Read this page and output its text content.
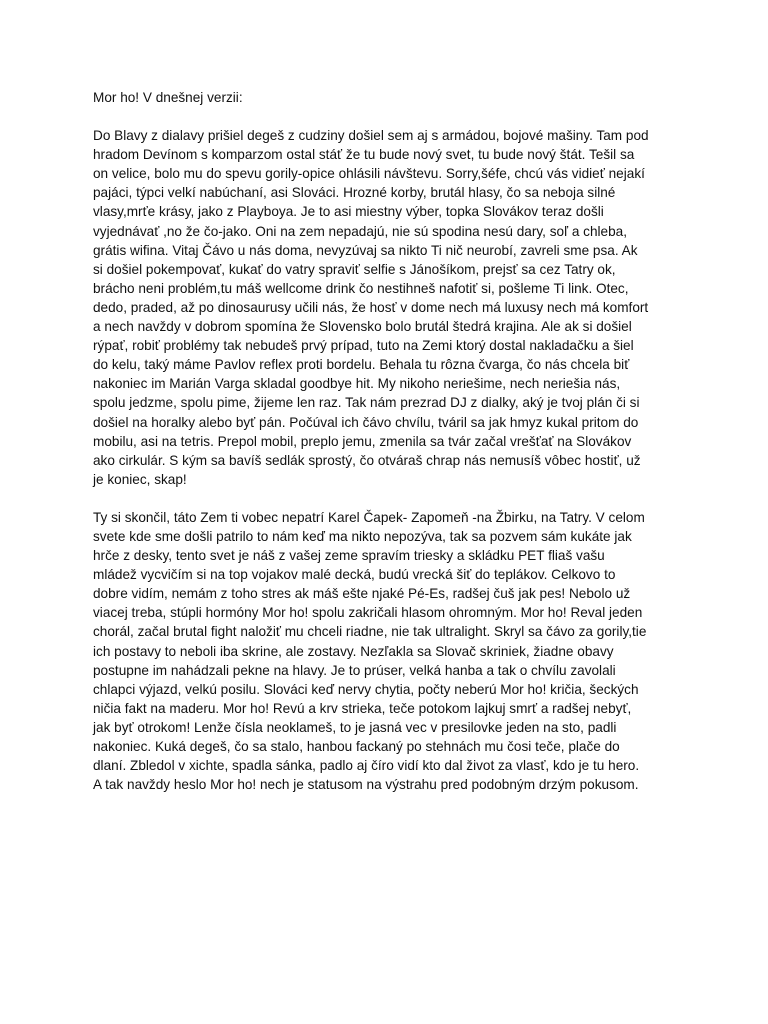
Mor ho! V dnešnej verzii:

Do Blavy z dialavy prišiel degeš z cudziny došiel sem aj s armádou, bojové mašiny. Tam pod
hradom Devínom s komparzom ostal stáť že tu bude nový svet, tu bude nový štát. Tešil sa
on velice, bolo mu do spevu gorily-opice ohlásili návštevu. Sorry,šéfe, chcú vás vidieť nejakí
pajáci, týpci velkí nabúchaní, asi Slováci. Hrozné korby, brutál hlasy, čo sa neboja silné
vlasy,mrťe krásy, jako z Playboya. Je to asi miestny výber, topka Slovákov teraz došli
vyjednávať ,no že čo-jako. Oni na zem nepadajú, nie sú spodina nesú dary, soľ a chleba,
grátis wifina. Vitaj Čávo u nás doma, nevyzúvaj sa nikto Ti nič neurobí, zavreli sme psa. Ak
si došiel pokempovať, kukať do vatry spraviť selfie s Jánošíkom, prejsť sa cez Tatry ok,
brácho neni problém,tu máš wellcome drink čo nestihneš nafotiť si, pošleme Ti link. Otec,
dedo, praded, až po dinosaurusy učili nás, že hosť v dome nech má luxusy nech má komfort
a nech navždy v dobrom spomína že Slovensko bolo brutál štedrá krajina. Ale ak si došiel
rýpať, robiť problémy tak nebudeš prvý prípad, tuto na Zemi ktorý dostal nakladačku a šiel
do kelu, taký máme Pavlov reflex proti bordelu. Behala tu rôzna čvarga, čo nás chcela biť
nakoniec im Marián Varga skladal goodbye hit. My nikoho neriešime, nech neriešia nás,
spolu jedzme, spolu pime, žijeme len raz. Tak nám prezrad DJ z dialky, aký je tvoj plán či si
došiel na horalky alebo byť pán. Počúval ich čávo chvílu, tváril sa jak hmyz kukal pritom do
mobilu, asi na tetris. Prepol mobil, preplo jemu, zmenila sa tvár začal vrešťať na Slovákov
ako cirkulár. S kým sa bavíš sedlák sprostý, čo otváraš chrap nás nemusíš vôbec hostiť, už
je koniec, skap!

Ty si skončil, táto Zem ti vobec nepatrí Karel Čapek- Zapomeň -na Žbirku, na Tatry. V celom
svete kde sme došli patrilo to nám keď ma nikto nepozýva, tak sa pozvem sám kukáte jak
hrče z desky, tento svet je náš z vašej zeme spravím triesky a skládku PET fliaš vašu
mládež vycvičím si na top vojakov malé decká, budú vrecká šiť do teplákov. Celkovo to
dobre vidím, nemám z toho stres ak máš ešte njaké Pé-Es, radšej čuš jak pes! Nebolo už
viacej treba, stúpli hormóny Mor ho! spolu zakričali hlasom ohromným. Mor ho! Reval jeden
chorál, začal brutal fight naložiť mu chceli riadne, nie tak ultralight. Skryl sa čávo za gorily,tie
ich postavy to neboli iba skrine, ale zostavy. Nezľakla sa Slovač skriniek, žiadne obavy
postupne im nahádzali pekne na hlavy. Je to prúser, velká hanba a tak o chvílu zavolali
chlapci výjazd, velkú posilu. Slováci keď nervy chytia, počty neberú Mor ho! kričia, šeckých
ničia fakt na maderu. Mor ho! Revú a krv strieka, teče potokom lajkuj smrť a radšej nebyť,
jak byť otrokom! Lenže čísla neoklameš, to je jasná vec v presilovke jeden na sto, padli
nakoniec. Kuká degeš, čo sa stalo, hanbou fackaný po stehnách mu čosi teče, plače do
dlaní. Zbledol v xichte, spadla sánka, padlo aj číro vidí kto dal život za vlasť, kdo je tu hero.
A tak navždy heslo Mor ho! nech je statusom na výstrahu pred podobným drzým pokusom.
